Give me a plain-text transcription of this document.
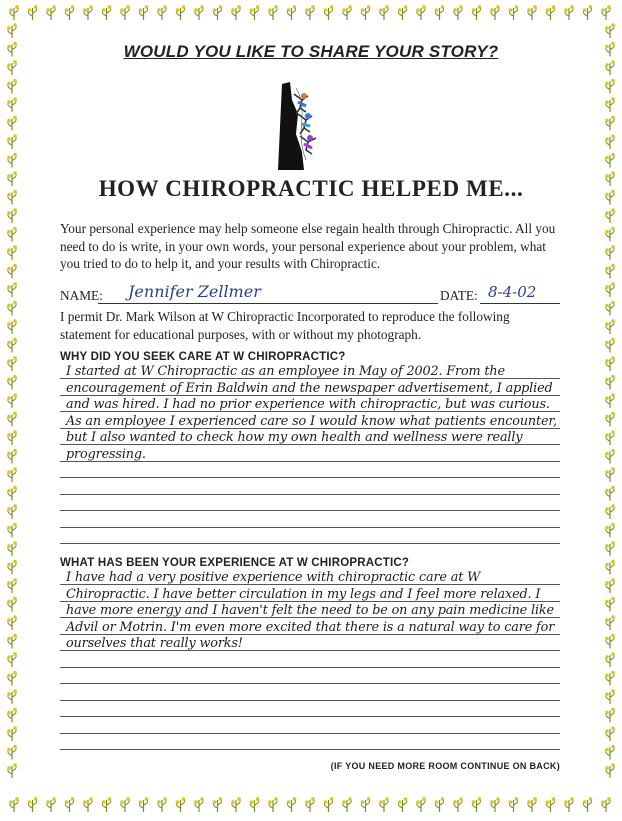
WOULD YOU LIKE TO SHARE YOUR STORY?
HOW CHIROPRACTIC HELPED ME...
Your personal experience may help someone else regain health through Chiropractic. All you need to do is write, in your own words, your personal experience about your problem, what you tried to do to help it, and your results with Chiropractic.
NAME: Jennifer Zellmer	DATE: 8-4-02
I permit Dr. Mark Wilson at W Chiropractic Incorporated to reproduce the following statement for educational purposes, with or without my photograph.
WHY DID YOU SEEK CARE AT W CHIROPRACTIC?
I started at W Chiropractic as an employee in May of 2002. From the encouragement of Erin Baldwin and the newspaper advertisement, I applied and was hired. I had no prior experience with chiropractic, but was curious. As an employee I experienced care so I would know what patients encounter, but I also wanted to check how my own health and wellness were really progressing.
WHAT HAS BEEN YOUR EXPERIENCE AT W CHIROPRACTIC?
I have had a very positive experience with chiropractic care at W Chiropractic. I have better circulation in my legs and I feel more relaxed. I have more energy and I haven't felt the need to be on any pain medicine like Advil or Motrin. I'm even more excited that there is a natural way to care for ourselves that really works!
(IF YOU NEED MORE ROOM CONTINUE ON BACK)
